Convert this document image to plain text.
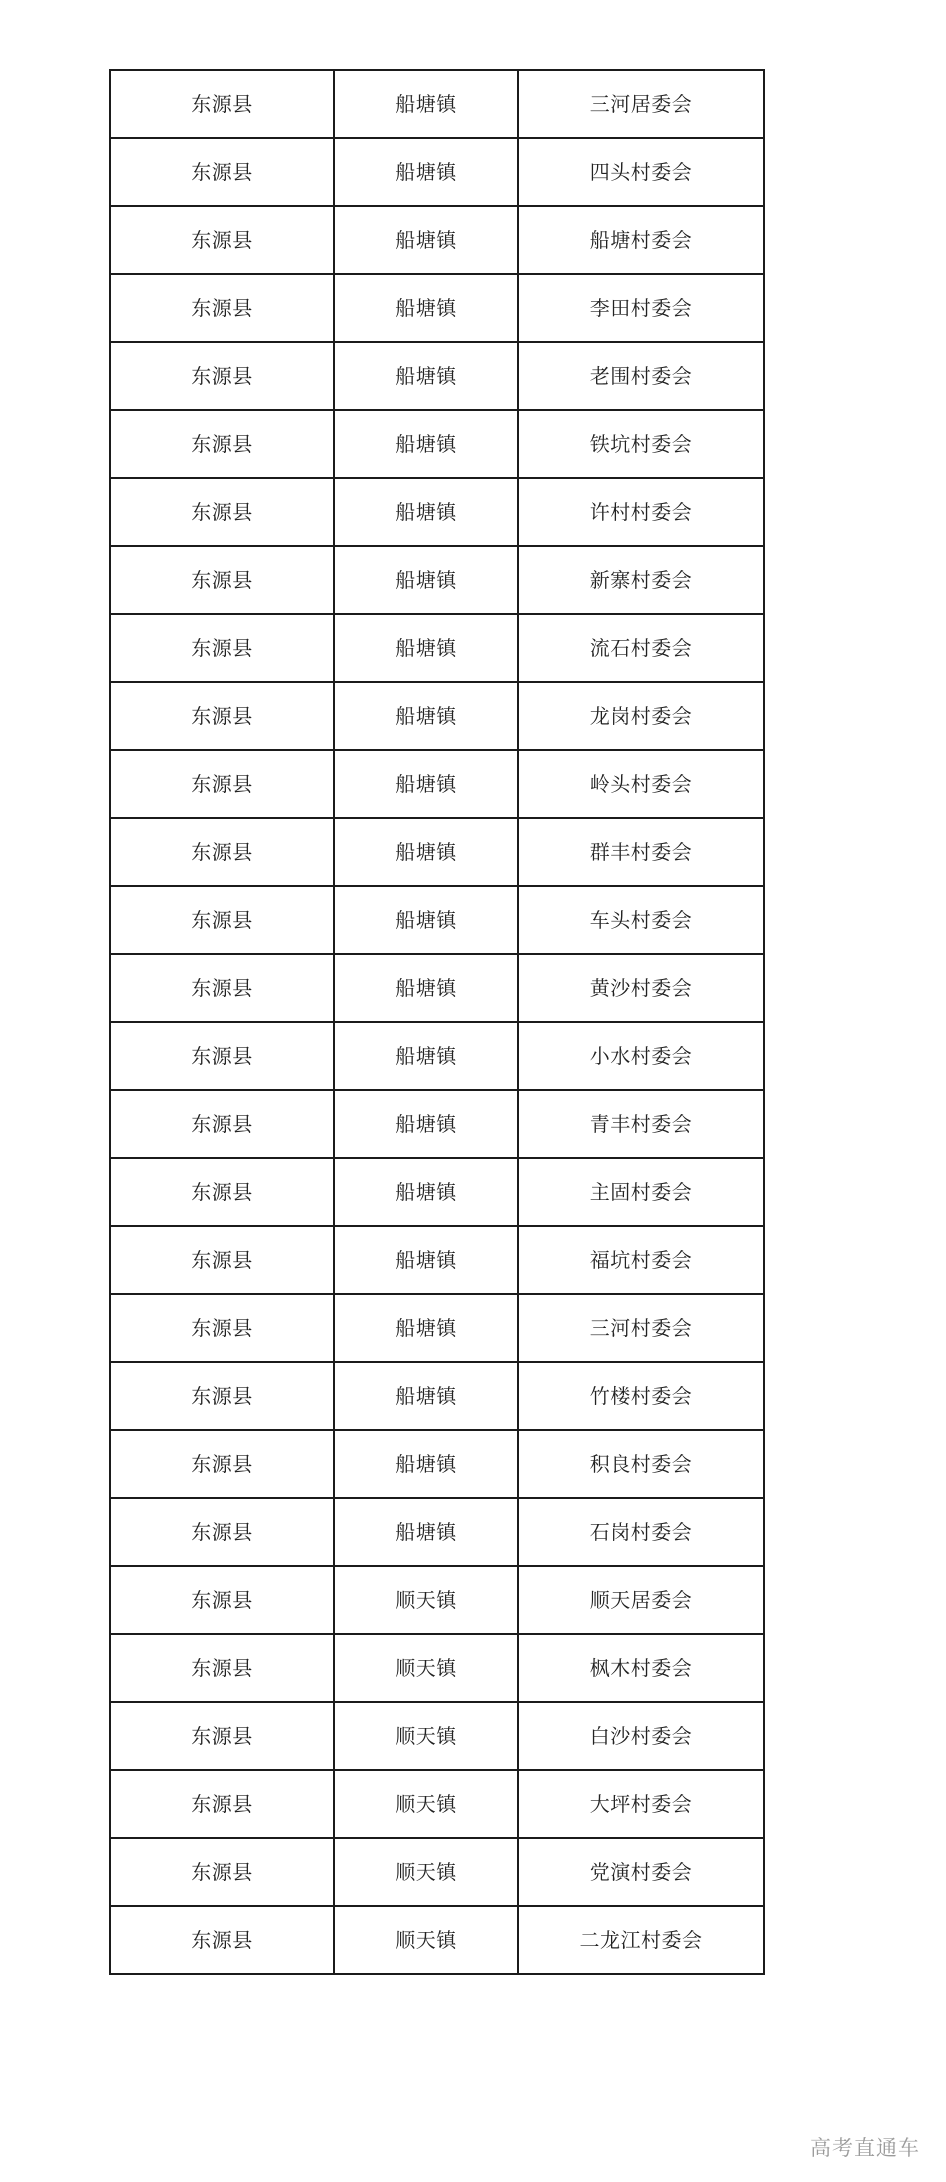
东源县	船塘镇	三河居委会
东源县	船塘镇	四头村委会
东源县	船塘镇	船塘村委会
东源县	船塘镇	李田村委会
东源县	船塘镇	老围村委会
东源县	船塘镇	铁坑村委会
东源县	船塘镇	许村村委会
东源县	船塘镇	新寨村委会
东源县	船塘镇	流石村委会
东源县	船塘镇	龙岗村委会
东源县	船塘镇	岭头村委会
东源县	船塘镇	群丰村委会
东源县	船塘镇	车头村委会
东源县	船塘镇	黄沙村委会
东源县	船塘镇	小水村委会
东源县	船塘镇	青丰村委会
东源县	船塘镇	主固村委会
东源县	船塘镇	福坑村委会
东源县	船塘镇	三河村委会
东源县	船塘镇	竹楼村委会
东源县	船塘镇	积良村委会
东源县	船塘镇	石岗村委会
东源县	顺天镇	顺天居委会
东源县	顺天镇	枫木村委会
东源县	顺天镇	白沙村委会
东源县	顺天镇	大坪村委会
东源县	顺天镇	党演村委会
东源县	顺天镇	二龙江村委会
高考直通车
